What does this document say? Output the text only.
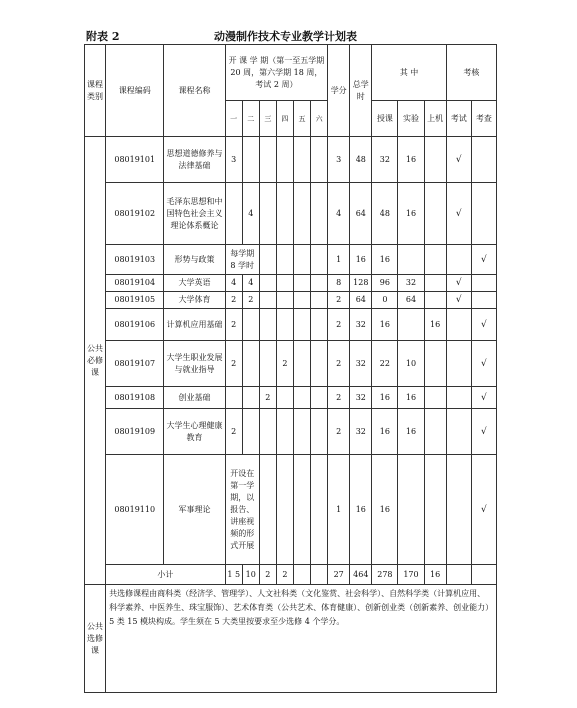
附表 2	动漫制作技术专业教学计划表
课程类别	课程编码	课程名称	开 课 学 期（第一至五学期 20 周，第六学期 18 周，考试 2 周）						学分	总学时	其 中			考核	
			一	二	三	四	五	六			授课	实验	上机	考试	考查
公共必修课	08019101	思想道德修养与法律基础	3						3	48	32	16		√	
	08019102	毛泽东思想和中国特色社会主义理论体系概论		4					4	64	48	16		√	
	08019103	形势与政策	每学期 8 学时						1	16	16				√
	08019104	大学英语	4	4					8	128	96	32		√	
	08019105	大学体育	2	2					2	64	0	64		√	
	08019106	计算机应用基础	2						2	32	16		16		√
	08019107	大学生职业发展与就业指导	2			2			2	32	22	10			√
	08019108	创业基础			2				2	32	16	16			√
	08019109	大学生心理健康教育	2						2	32	16	16			√
	08019110	军事理论	开设在第一学期，以报告、讲座视频的形式开展						1	16	16				√
	小计		1 5	10	2	2			27	464	278	170	16		
公共选修课	共选修课程由商科类（经济学、管理学）、人文社科类（文化鉴赏、社会科学）、自然科学类（计算机应用、科学素养、中医养生、珠宝服饰）、艺术体育类（公共艺术、体育健康）、创新创业类（创新素养、创业能力）5 类 15 模块构成。学生须在 5 大类里按要求至少选修 4 个学分。														
